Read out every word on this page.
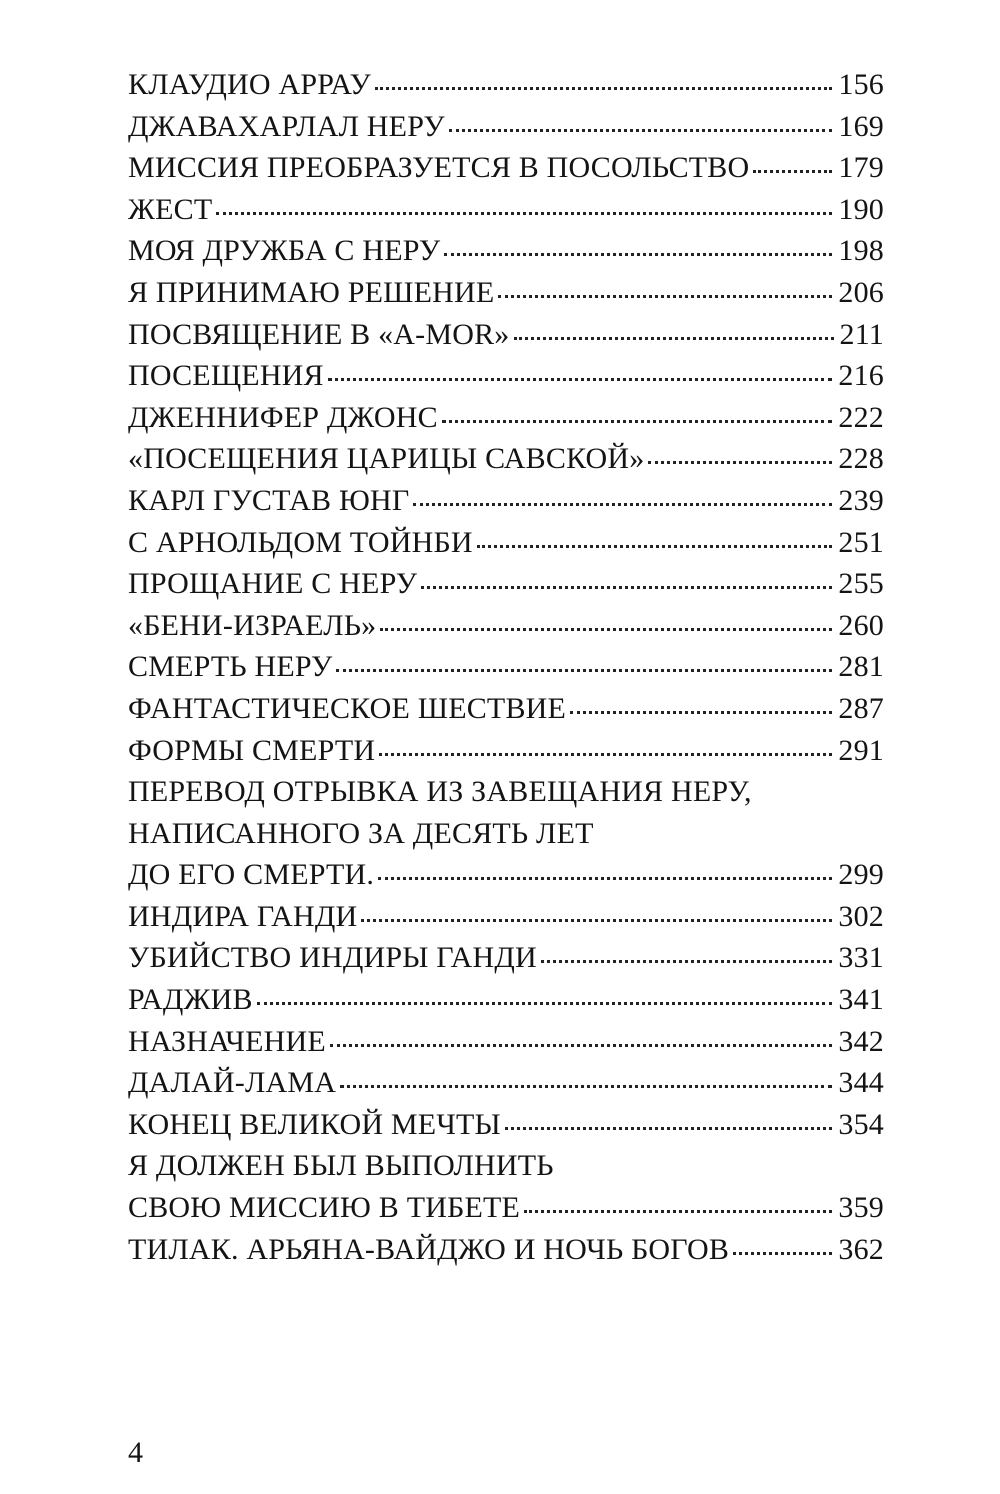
КЛАУДИО АРРАУ	156
ДЖАВАХАРЛАЛ НЕРУ	169
МИССИЯ ПРЕОБРАЗУЕТСЯ В ПОСОЛЬСТВО	179
ЖЕСТ	190
МОЯ ДРУЖБА С НЕРУ	198
Я ПРИНИМАЮ РЕШЕНИЕ	206
ПОСВЯЩЕНИЕ В «A-MOR»	211
ПОСЕЩЕНИЯ	216
ДЖЕННИФЕР ДЖОНС	222
«ПОСЕЩЕНИЯ ЦАРИЦЫ САВСКОЙ»	228
КАРЛ ГУСТАВ ЮНГ	239
С АРНОЛЬДОМ ТОЙНБИ	251
ПРОЩАНИЕ С НЕРУ	255
«БЕНИ-ИЗРАЕЛЬ»	260
СМЕРТЬ НЕРУ	281
ФАНТАСТИЧЕСКОЕ ШЕСТВИЕ	287
ФОРМЫ СМЕРТИ	291
ПЕРЕВОД ОТРЫВКА ИЗ ЗАВЕЩАНИЯ НЕРУ,
НАПИСАННОГО ЗА ДЕСЯТЬ ЛЕТ
ДО ЕГО СМЕРТИ.	299
ИНДИРА ГАНДИ	302
УБИЙСТВО ИНДИРЫ ГАНДИ	331
РАДЖИВ	341
НАЗНАЧЕНИЕ	342
ДАЛАЙ-ЛАМА	344
КОНЕЦ ВЕЛИКОЙ МЕЧТЫ	354
Я ДОЛЖЕН БЫЛ ВЫПОЛНИТЬ
СВОЮ МИССИЮ В ТИБЕТЕ	359
ТИЛАК. АРЬЯНА-ВАЙДЖО И НОЧЬ БОГОВ	362
4
